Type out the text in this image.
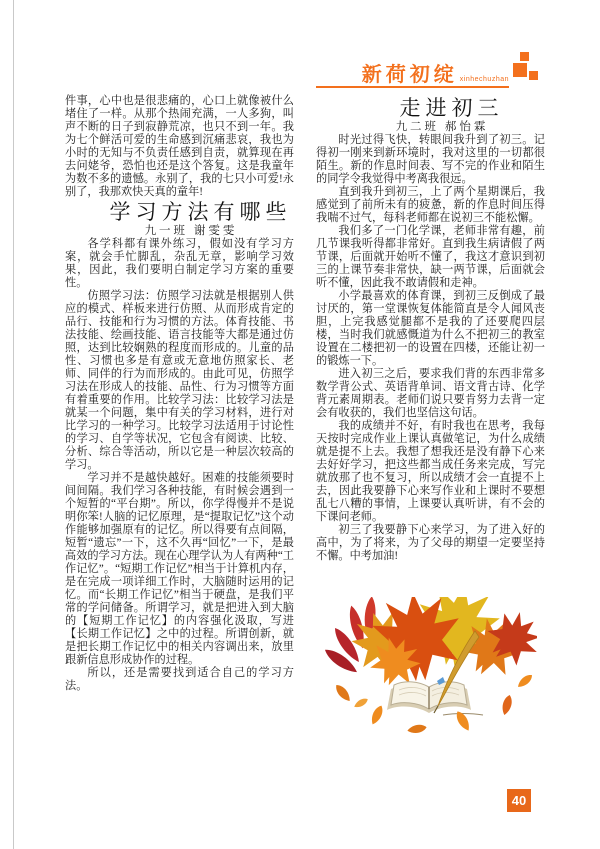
新荷初绽 xinhechuzhan

件事，心中也是很悲痛的，心口上就像被什么堵住了一样。从那个热闹充满，一人多狗，叫声不断的日子到寂静荒凉，也只不到一年。我为七个鲜活可爱的生命感到沉痛悲哀，我也为小时的无知与不负责任感到自责，就算现在再去问姥爷，恐怕也还是这个答复。这是我童年为数不多的遗憾。永别了，我的七只小可爱!永别了，我那欢快天真的童年!

学习方法有哪些

九一班 谢雯雯

各学科都有课外练习，假如没有学习方案，就会手忙脚乱，杂乱无章，影响学习效果，因此，我们要明白制定学习方案的重要性。

仿照学习法：仿照学习法就是根据别人供应的模式、样板来进行仿照、从而形成肯定的品行、技能和行为习惯的方法。体育技能、书法技能、绘画技能、语言技能等大都是通过仿照，达到比较娴熟的程度而形成的。儿童的品性、习惯也多是有意或无意地仿照家长、老师、同伴的行为而形成的。由此可见，仿照学习法在形成人的技能、品性、行为习惯等方面有着重要的作用。比较学习法：比较学习法是就某一个问题，集中有关的学习材料，进行对比学习的一种学习。比较学习法适用于讨论性的学习、自学等状况，它包含有阅读、比较、分析、综合等活动，所以它是一种层次较高的学习。

学习并不是越快越好。困难的技能须要时间间隔。我们学习各种技能，有时候会遇到一个短暂的“平台期”。所以，你学得慢并不是说明你笨!人脑的记忆原理，是“提取记忆”这个动作能够加强原有的记忆。所以得要有点间隔，短暂“遗忘”一下，这不久再“回忆”一下，是最高效的学习方法。现在心理学认为人有两种“工作记忆”。“短期工作记忆”相当于计算机内存，是在完成一项详细工作时，大脑随时运用的记忆。而“长期工作记忆”相当于硬盘，是我们平常的学问储备。所谓学习，就是把进入到大脑的【短期工作记忆】的内容强化汲取，写进【长期工作记忆】之中的过程。所谓创新，就是把长期工作记忆中的相关内容调出来，放里跟新信息形成协作的过程。

所以，还是需要找到适合自己的学习方法。

走进初三

九二班 郝怡霖

时光过得飞快，转眼间我升到了初三。记得初一刚来到新环境时，我对这里的一切都很陌生。新的作息时间表、写不完的作业和陌生的同学令我觉得中考离我很远。

直到我升到初三，上了两个星期课后，我感觉到了前所未有的疲惫，新的作息时间压得我喘不过气，每科老师都在说初三不能松懈。

我们多了一门化学课，老师非常有趣，前几节课我听得都非常好。直到我生病请假了两节课，后面就开始听不懂了，我这才意识到初三的上课节奏非常快，缺一两节课，后面就会听不懂，因此我不敢请假和走神。

小学最喜欢的体育课，到初三反倒成了最讨厌的，第一堂课恢复体能简直是令人闻风丧胆，上完我感觉腿都不是我的了还要爬四层楼，当时我们就感慨道为什么不把初三的教室设置在二楼把初一的设置在四楼，还能让初一的锻炼一下。

进入初三之后，要求我们背的东西非常多数学背公式、英语背单词、语文背古诗、化学背元素周期表。老师们说只要肯努力去背一定会有收获的，我们也坚信这句话。

我的成绩并不好，有时我也在思考，我每天按时完成作业上课认真做笔记，为什么成绩就是提不上去。我想了想我还是没有静下心来去好好学习，把这些都当成任务来完成，写完就放那了也不复习，所以成绩才会一直提不上去，因此我要静下心来写作业和上课时不要想乱七八糟的事情，上课要认真听讲，有不会的下课问老师。

初三了我要静下心来学习，为了进入好的高中，为了将来，为了父母的期望一定要坚持不懈。中考加油!

40
